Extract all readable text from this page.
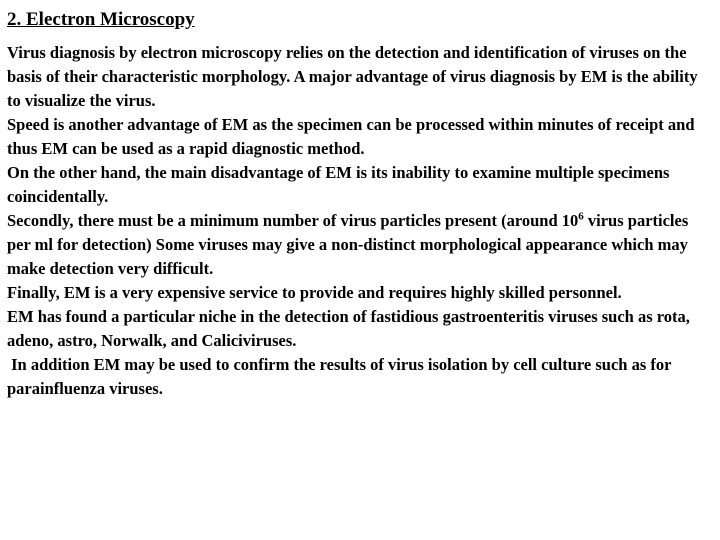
2. Electron Microscopy

Virus diagnosis by electron microscopy relies on the detection and identification of viruses on the basis of their characteristic morphology. A major advantage of virus diagnosis by EM is the ability to visualize the virus.

Speed is another advantage of EM as the specimen can be processed within minutes of receipt and thus EM can be used as a rapid diagnostic method.

On the other hand, the main disadvantage of EM is its inability to examine multiple specimens coincidentally.

Secondly, there must be a minimum number of virus particles present (around $10^6$ virus particles per ml for detection) Some viruses may give a non-distinct morphological appearance which may make detection very difficult.

Finally, EM is a very expensive service to provide and requires highly skilled personnel.

EM has found a particular niche in the detection of fastidious gastroenteritis viruses such as rota, adeno, astro, Norwalk, and Caliciviruses.

In addition EM may be used to confirm the results of virus isolation by cell culture such as for parainfluenza viruses.
